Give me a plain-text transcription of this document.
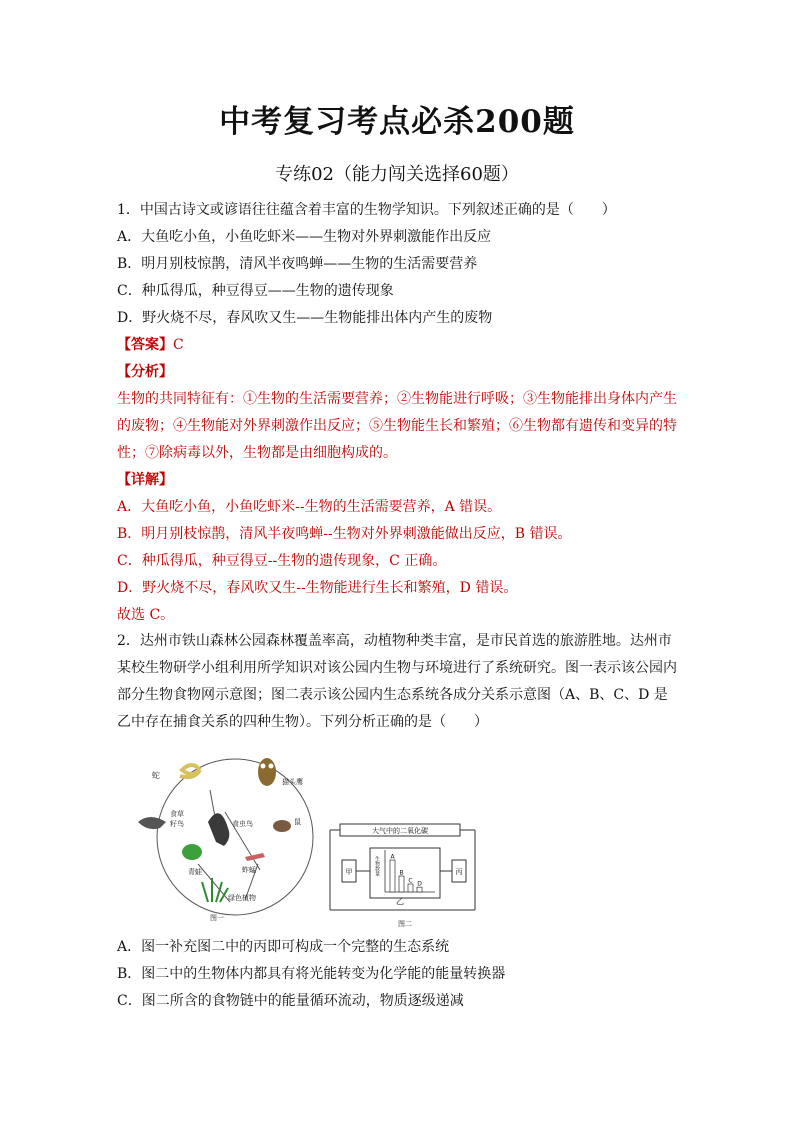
中考复习考点必杀200题
专练02（能力闯关选择60题）
1．中国古诗文或谚语往往蕴含着丰富的生物学知识。下列叙述正确的是（　　）
A．大鱼吃小鱼，小鱼吃虾米——生物对外界刺激能作出反应
B．明月别枝惊鹊，清风半夜鸣蝉——生物的生活需要营养
C．种瓜得瓜，种豆得豆——生物的遗传现象
D．野火烧不尽，春风吹又生——生物能排出体内产生的废物
【答案】C
【分析】
生物的共同特征有：①生物的生活需要营养；②生物能进行呼吸；③生物能排出身体内产生的废物；④生物能对外界刺激作出反应；⑤生物能生长和繁殖；⑥生物都有遗传和变异的特性；⑦除病毒以外，生物都是由细胞构成的。
【详解】
A．大鱼吃小鱼，小鱼吃虾米--生物的生活需要营养，A 错误。
B．明月别枝惊鹊，清风半夜鸣蝉--生物对外界刺激能做出反应，B 错误。
C．种瓜得瓜，种豆得豆--生物的遗传现象，C 正确。
D．野火烧不尽，春风吹又生--生物能进行生长和繁殖，D 错误。
故选 C。
2．达州市铁山森林公园森林覆盖率高，动植物种类丰富，是市民首选的旅游胜地。达州市某校生物研学小组利用所学知识对该公园内生物与环境进行了系统研究。图一表示该公园内部分生物食物网示意图；图二表示该公园内生态系统各成分关系示意图（A、B、C、D 是乙中存在捕食关系的四种生物）。下列分析正确的是（　　）
蛇
猫头鹰
食草
籽鸟	食虫鸟	鼠
青蛙	蚱蜢
绿色植物
图一
大气中的二氧化碳
甲
乙
生物数量 A
B
C D
丙
图二
A．图一补充图二中的丙即可构成一个完整的生态系统
B．图二中的生物体内都具有将光能转变为化学能的能量转换器
C．图二所含的食物链中的能量循环流动，物质逐级递减
